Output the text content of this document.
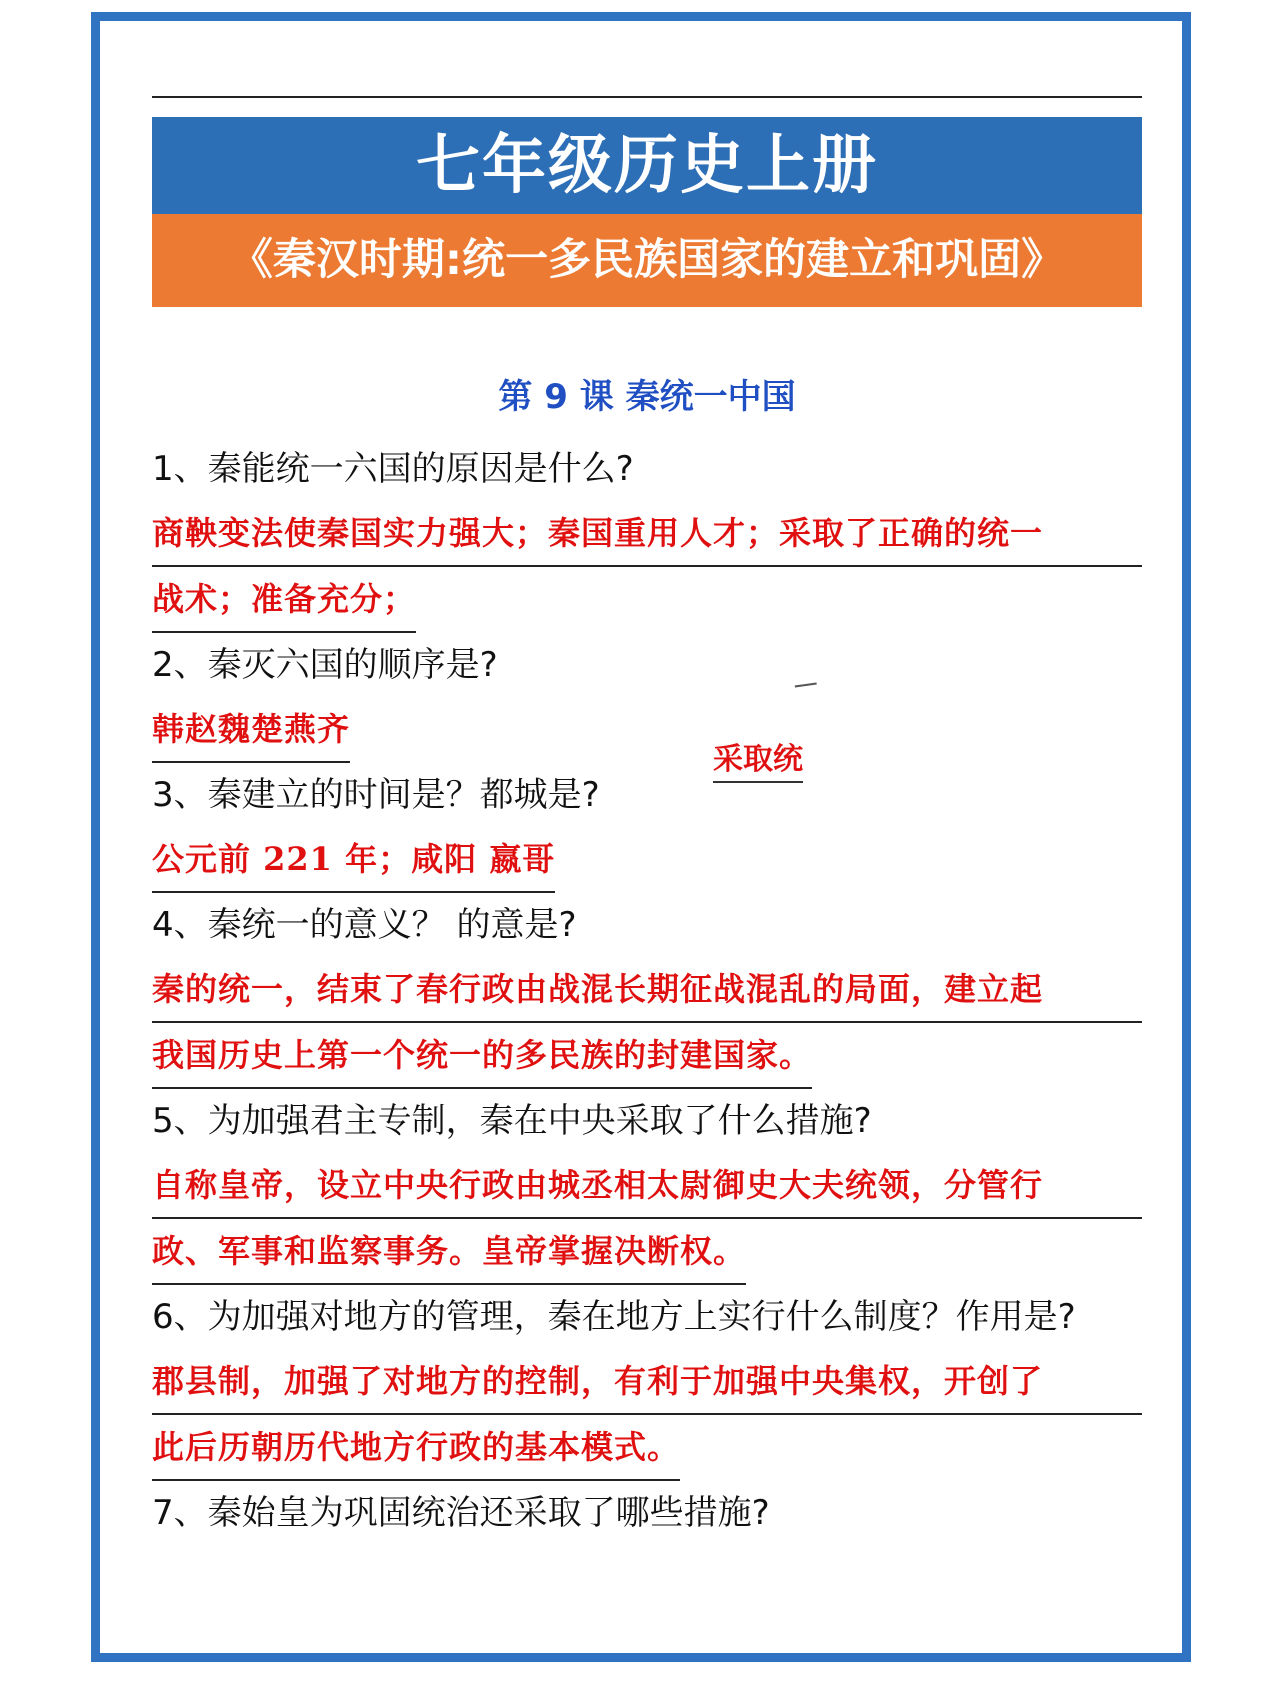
七年级历史上册
《秦汉时期:统一多民族国家的建立和巩固》
第 9 课 秦统一中国
采取统
1、秦能统一六国的原因是什么?
商鞅变法使秦国实力强大；秦国重用人才；采取了正确的统一
战术；准备充分；
2、秦灭六国的顺序是?
韩赵魏楚燕齐
3、秦建立的时间是？都城是?
公元前 221 年；咸阳 嬴哥
4、秦统一的意义？ 的意是?
秦的统一，结束了春行政由战混长期征战混乱的局面，建立起
我国历史上第一个统一的多民族的封建国家。
5、为加强君主专制，秦在中央采取了什么措施?
自称皇帝，设立中央行政由城丞相太尉御史大夫统领，分管行
政、军事和监察事务。皇帝掌握决断权。
6、为加强对地方的管理，秦在地方上实行什么制度？作用是?
郡县制，加强了对地方的控制，有利于加强中央集权，开创了
此后历朝历代地方行政的基本模式。
7、秦始皇为巩固统治还采取了哪些措施?
